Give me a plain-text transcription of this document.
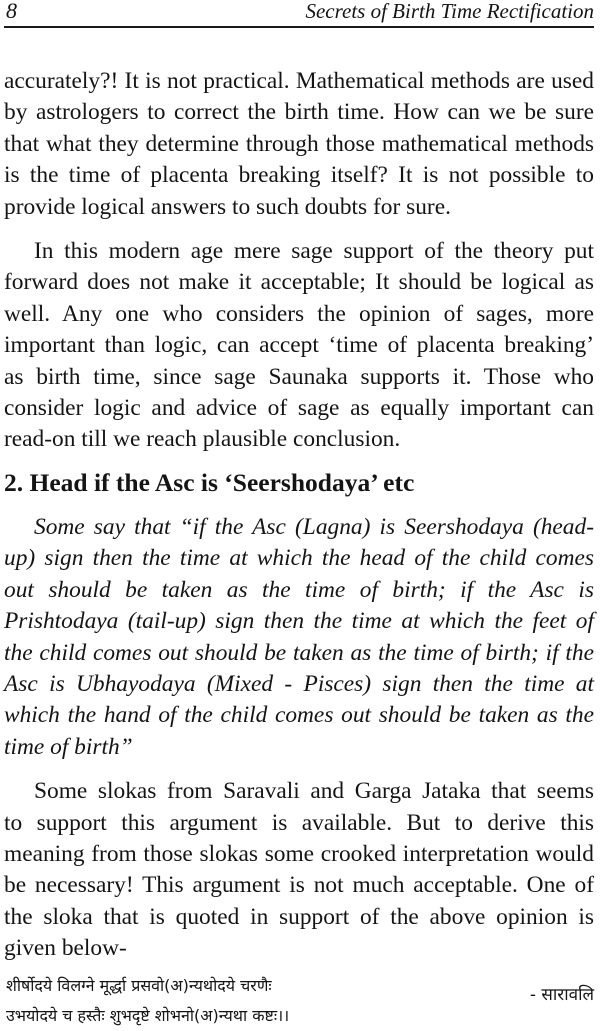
8	Secrets of Birth Time Rectification

accurately?! It is not practical. Mathematical methods are used
by astrologers to correct the birth time. How can we be sure
that what they determine through those mathematical methods
is the time of placenta breaking itself? It is not possible to
provide logical answers to such doubts for sure.

In this modern age mere sage support of the theory put
forward does not make it acceptable; It should be logical as
well. Any one who considers the opinion of sages, more
important than logic, can accept ‘time of placenta breaking’
as birth time, since sage Saunaka supports it. Those who
consider logic and advice of sage as equally important can
read-on till we reach plausible conclusion.

2. Head if the Asc is ‘Seershodaya’ etc

Some say that “if the Asc (Lagna) is Seershodaya (head-
up) sign then the time at which the head of the child comes
out should be taken as the time of birth; if the Asc is
Prishtodaya (tail-up) sign then the time at which the feet of
the child comes out should be taken as the time of birth; if the
Asc is Ubhayodaya (Mixed - Pisces) sign then the time at
which the hand of the child comes out should be taken as the
time of birth”

Some slokas from Saravali and Garga Jataka that seems
to support this argument is available. But to derive this
meaning from those slokas some crooked interpretation would
be necessary! This argument is not much acceptable. One of
the sloka that is quoted in support of the above opinion is
given below-

शीर्षोदये विलग्ने मूर्द्धा प्रसवो(अ)न्यथोदये चरणैः
उभयोदये च हस्तैः शुभदृष्टे शोभनो(अ)न्यथा कष्टः।।
- सारावलि
